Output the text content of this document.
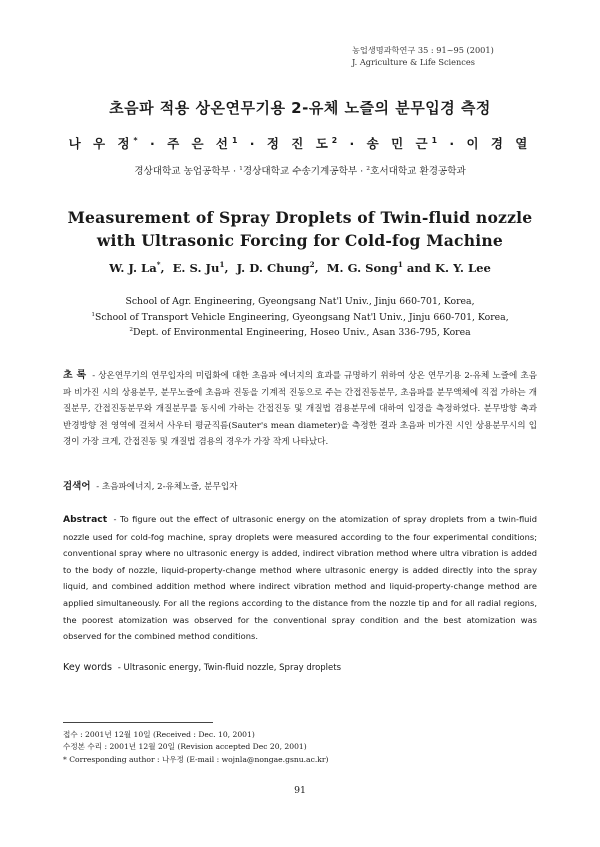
농업생명과학연구 35 : 91~95 (2001)
J. Agriculture & Life Sciences
초음파 적용 상온연무기용 2-유체 노즐의 분무입경 측정
나 우 정* · 주 은 선$^1$ · 정 진 도$^2$ · 송 민 근$^1$ · 이 경 열
경상대학교 농업공학부 · $^1$경상대학교 수송기계공학부 · $^2$호서대학교 환경공학과
Measurement of Spray Droplets of Twin-fluid nozzle
with Ultrasonic Forcing for Cold-fog Machine
W. J. La*,  E. S. Ju$^1$,  J. D. Chung$^2$,  M. G. Song$^1$ and K. Y. Lee
School of Agr. Engineering, Gyeongsang Nat'l Univ., Jinju 660-701, Korea,
$^1$School of Transport Vehicle Engineering, Gyeongsang Nat'l Univ., Jinju 660-701, Korea,
$^2$Dept. of Environmental Engineering, Hoseo Univ., Asan 336-795, Korea
초 록 - 상온연무기의 연무입자의 미립화에 대한 초음파 에너지의 효과를 규명하기 위하여 상온 연무기용 2-유체 노즐에 초음파 비가진 시의 상용분무, 분무노즐에 초음파 진동을 기계적 진동으로 주는 간접진동분무, 초음파를 분무액체에 직접 가하는 개질분무, 간접진동분무와 개질분무를 동시에 가하는 간접진동 및 개질법 겸용분무에 대하여 입경을 측정하였다. 분무방향 축과 반경방향 전 영역에 걸쳐서 사우터 평균직름(Sauter's mean diameter)을 측정한 결과 초음파 비가진 시인 상용분무시의 입경이 가장 크게, 간접진동 및 개질법 겸용의 경우가 가장 작게 나타났다.
검색어 - 초음파에너지, 2-유체노즐, 분무입자
Abstract - To figure out the effect of ultrasonic energy on the atomization of spray droplets from a twin-fluid nozzle used for cold-fog machine, spray droplets were measured according to the four experimental conditions; conventional spray where no ultrasonic energy is added, indirect vibration method where ultra vibration is added to the body of nozzle, liquid-property-change method where ultrasonic energy is added directly into the spray liquid, and combined addition method where indirect vibration method and liquid-property-change method are applied simultaneously. For all the regions according to the distance from the nozzle tip and for all radial regions, the poorest atomization was observed for the conventional spray condition and the best atomization was observed for the combined method conditions.
Key words - Ultrasonic energy, Twin-fluid nozzle, Spray droplets
접수 : 2001년 12월 10일 (Received : Dec. 10, 2001)
수정본 수리 : 2001년 12월 20일 (Revision accepted Dec 20, 2001)
* Corresponding author : 나우정 (E-mail : wojnla@nongae.gsnu.ac.kr)
91
